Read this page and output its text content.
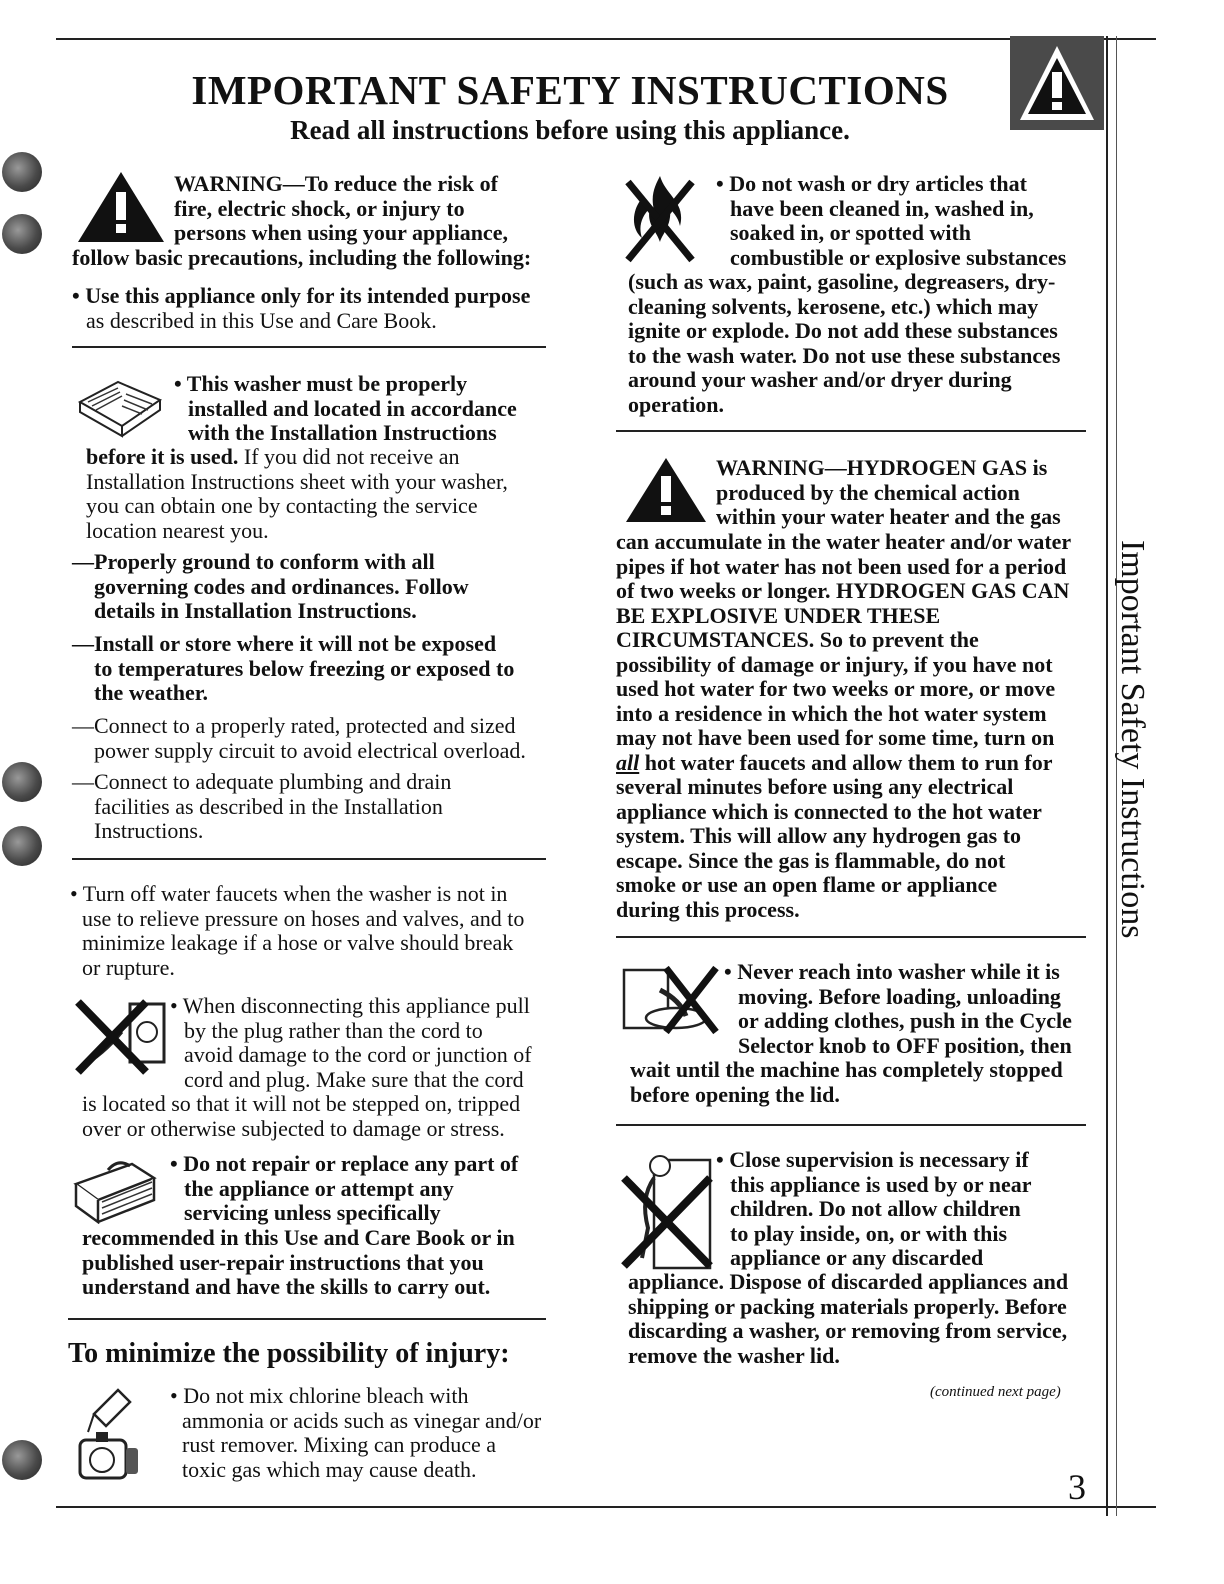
Important Safety Instructions
IMPORTANT SAFETY INSTRUCTIONS
Read all instructions before using this appliance.
WARNING—To reduce the risk of
fire, electric shock, or injury to
persons when using your appliance,
follow basic precautions, including the following:
• Use this appliance only for its intended purpose
as described in this Use and Care Book.
• This washer must be properly
installed and located in accordance
with the Installation Instructions
before it is used. If you did not receive an
Installation Instructions sheet with your washer,
you can obtain one by contacting the service
location nearest you.
—Properly ground to conform with all
governing codes and ordinances. Follow
details in Installation Instructions.
—Install or store where it will not be exposed
to temperatures below freezing or exposed to
the weather.
—Connect to a properly rated, protected and sized
power supply circuit to avoid electrical overload.
—Connect to adequate plumbing and drain
facilities as described in the Installation
Instructions.
• Turn off water faucets when the washer is not in
use to relieve pressure on hoses and valves, and to
minimize leakage if a hose or valve should break
or rupture.
• When disconnecting this appliance pull
by the plug rather than the cord to
avoid damage to the cord or junction of
cord and plug. Make sure that the cord
is located so that it will not be stepped on, tripped
over or otherwise subjected to damage or stress.
• Do not repair or replace any part of
the appliance or attempt any
servicing unless specifically
recommended in this Use and Care Book or in
published user-repair instructions that you
understand and have the skills to carry out.
To minimize the possibility of injury:
• Do not mix chlorine bleach with
ammonia or acids such as vinegar and/or
rust remover. Mixing can produce a
toxic gas which may cause death.
• Do not wash or dry articles that
have been cleaned in, washed in,
soaked in, or spotted with
combustible or explosive substances
(such as wax, paint, gasoline, degreasers, dry-
cleaning solvents, kerosene, etc.) which may
ignite or explode. Do not add these substances
to the wash water. Do not use these substances
around your washer and/or dryer during
operation.
WARNING—HYDROGEN GAS is
produced by the chemical action
within your water heater and the gas
can accumulate in the water heater and/or water
pipes if hot water has not been used for a period
of two weeks or longer. HYDROGEN GAS CAN
BE EXPLOSIVE UNDER THESE
CIRCUMSTANCES. So to prevent the
possibility of damage or injury, if you have not
used hot water for two weeks or more, or move
into a residence in which the hot water system
may not have been used for some time, turn on
all hot water faucets and allow them to run for
several minutes before using any electrical
appliance which is connected to the hot water
system. This will allow any hydrogen gas to
escape. Since the gas is flammable, do not
smoke or use an open flame or appliance
during this process.
• Never reach into washer while it is
moving. Before loading, unloading
or adding clothes, push in the Cycle
Selector knob to OFF position, then
wait until the machine has completely stopped
before opening the lid.
• Close supervision is necessary if
this appliance is used by or near
children. Do not allow children
to play inside, on, or with this
appliance or any discarded
appliance. Dispose of discarded appliances and
shipping or packing materials properly. Before
discarding a washer, or removing from service,
remove the washer lid.
(continued next page)
3
